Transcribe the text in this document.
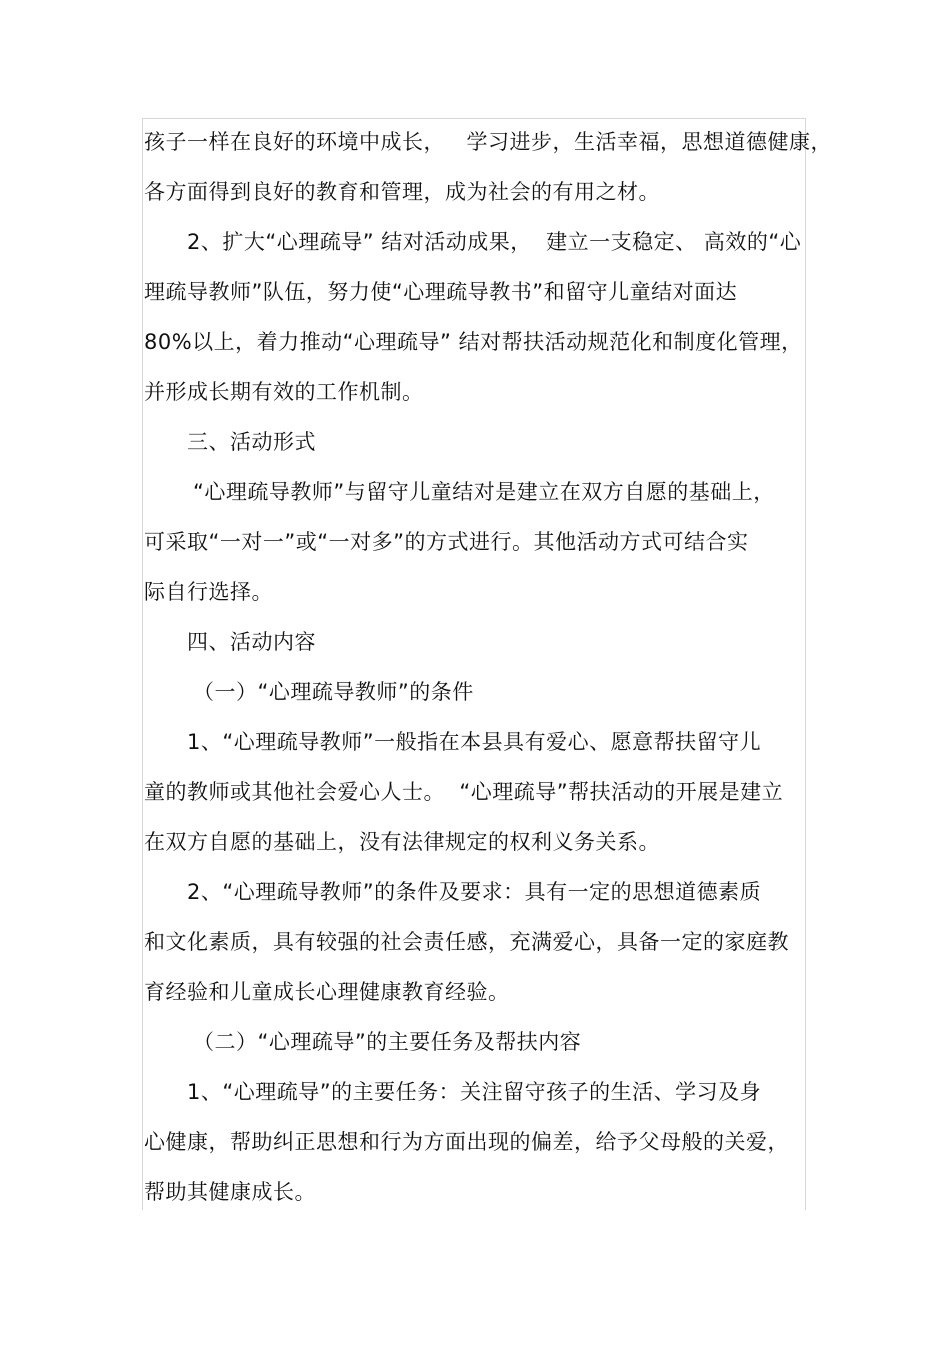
孩子一样在良好的环境中成长，   学习进步，生活幸福，思想道德健康，
各方面得到良好的教育和管理，成为社会的有用之材。
2、扩大“心理疏导” 结对活动成果，  建立一支稳定、 高效的“心
理疏导教师”队伍，努力使“心理疏导教书”和留守儿童结对面达
80%以上，着力推动“心理疏导” 结对帮扶活动规范化和制度化管理，
并形成长期有效的工作机制。
三、活动形式
“心理疏导教师”与留守儿童结对是建立在双方自愿的基础上，
可采取“一对一”或“一对多”的方式进行。其他活动方式可结合实
际自行选择。
四、活动内容
（一）“心理疏导教师”的条件
1、“心理疏导教师”一般指在本县具有爱心、愿意帮扶留守儿
童的教师或其他社会爱心人士。  “心理疏导”帮扶活动的开展是建立
在双方自愿的基础上，没有法律规定的权利义务关系。
2、“心理疏导教师”的条件及要求：具有一定的思想道德素质
和文化素质，具有较强的社会责任感，充满爱心，具备一定的家庭教
育经验和儿童成长心理健康教育经验。
（二）“心理疏导”的主要任务及帮扶内容
1、“心理疏导”的主要任务：关注留守孩子的生活、学习及身
心健康，帮助纠正思想和行为方面出现的偏差，给予父母般的关爱，
帮助其健康成长。
